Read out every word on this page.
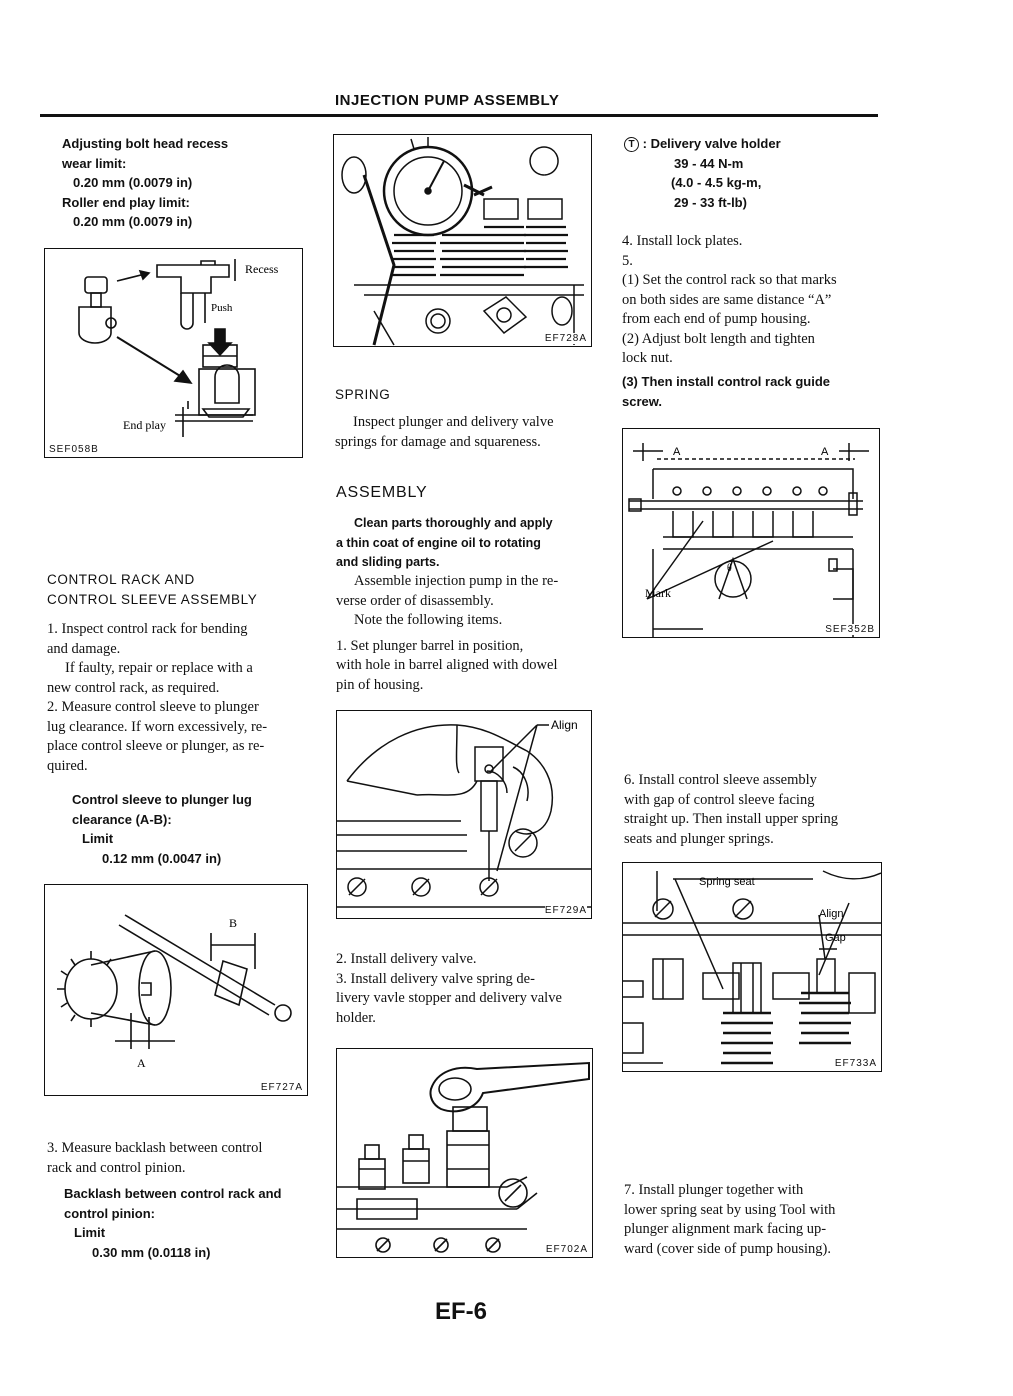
INJECTION PUMP ASSEMBLY

Adjusting bolt head recess

wear limit:

0.20 mm (0.0079 in)

Roller end play limit:

0.20 mm (0.0079 in)

Recess
Push
End play
SEF058B

CONTROL RACK AND

CONTROL SLEEVE ASSEMBLY

1. Inspect control rack for bending

and damage.

If faulty, repair or replace with a

new control rack, as required.

2. Measure control sleeve to plunger

lug clearance. If worn excessively, re-

place control sleeve or plunger, as re-

quired.

Control sleeve to plunger lug

clearance (A-B):

Limit

0.12 mm (0.0047 in)

B
A
EF727A

3. Measure backlash between control

rack and control pinion.

Backlash between control rack and

control pinion:

Limit

0.30 mm (0.0118 in)

EF728A
SPRING

Inspect plunger and delivery valve

springs for damage and squareness.

ASSEMBLY

Clean parts thoroughly and apply

a thin coat of engine oil to rotating

and sliding parts.

Assemble injection pump in the re-

verse order of disassembly.

Note the following items.

1. Set plunger barrel in position,

with hole in barrel aligned with dowel

pin of housing.

Align
EF729A

2. Install delivery valve.

3. Install delivery valve spring de-

livery vavle stopper and delivery valve

holder.

EF702A

T : Delivery valve holder

39 - 44 N-m

(4.0 - 4.5 kg-m,

29 - 33 ft-lb)

4. Install lock plates.

5.

(1) Set the control rack so that marks

on both sides are same distance “A”

from each end of pump housing.

(2) Adjust bolt length and tighten

lock nut.

(3) Then install control rack guide

screw.

A	A
θ
Mark
SEF352B

6. Install control sleeve assembly

with gap of control sleeve facing

straight up. Then install upper spring

seats and plunger springs.

Spring seat
Align
Gap
EF733A

7. Install plunger together with

lower spring seat by using Tool with

plunger alignment mark facing up-

ward (cover side of pump housing).

EF-6
